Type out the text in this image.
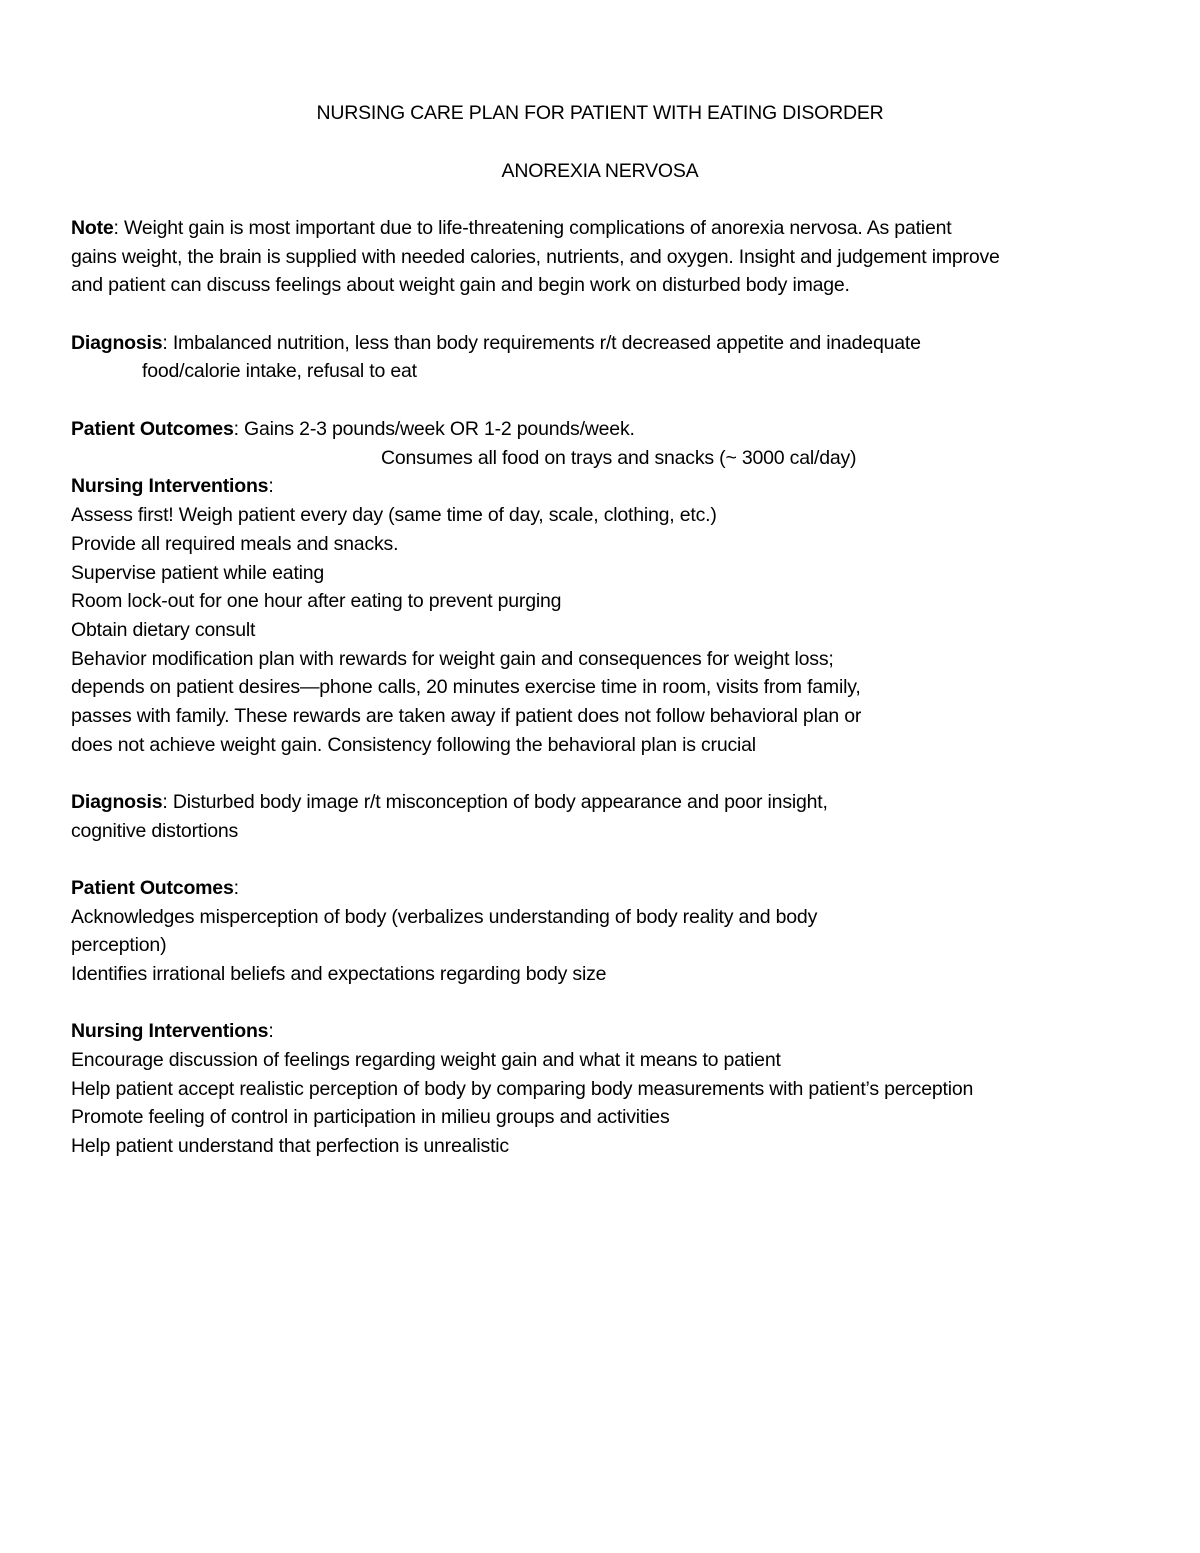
NURSING CARE PLAN FOR PATIENT WITH EATING DISORDER
ANOREXIA NERVOSA
Note: Weight gain is most important due to life-threatening complications of anorexia nervosa. As patient
gains weight, the brain is supplied with needed calories, nutrients, and oxygen. Insight and judgement improve
and patient can discuss feelings about weight gain and begin work on disturbed body image.
Diagnosis: Imbalanced nutrition, less than body requirements r/t decreased appetite and inadequate
food/calorie intake, refusal to eat
Patient Outcomes: Gains 2-3 pounds/week OR 1-2 pounds/week.
Consumes all food on trays and snacks (~ 3000 cal/day)
Nursing Interventions:
Assess first! Weigh patient every day (same time of day, scale, clothing, etc.)
Provide all required meals and snacks.
Supervise patient while eating
Room lock-out for one hour after eating to prevent purging
Obtain dietary consult
Behavior modification plan with rewards for weight gain and consequences for weight loss;
depends on patient desires—phone calls, 20 minutes exercise time in room, visits from family,
passes with family. These rewards are taken away if patient does not follow behavioral plan or
does not achieve weight gain. Consistency following the behavioral plan is crucial
Diagnosis: Disturbed body image r/t misconception of body appearance and poor insight,
cognitive distortions
Patient Outcomes:
Acknowledges misperception of body (verbalizes understanding of body reality and body
perception)
Identifies irrational beliefs and expectations regarding body size
Nursing Interventions:
Encourage discussion of feelings regarding weight gain and what it means to patient
Help patient accept realistic perception of body by comparing body measurements with patient’s perception
Promote feeling of control in participation in milieu groups and activities
Help patient understand that perfection is unrealistic
